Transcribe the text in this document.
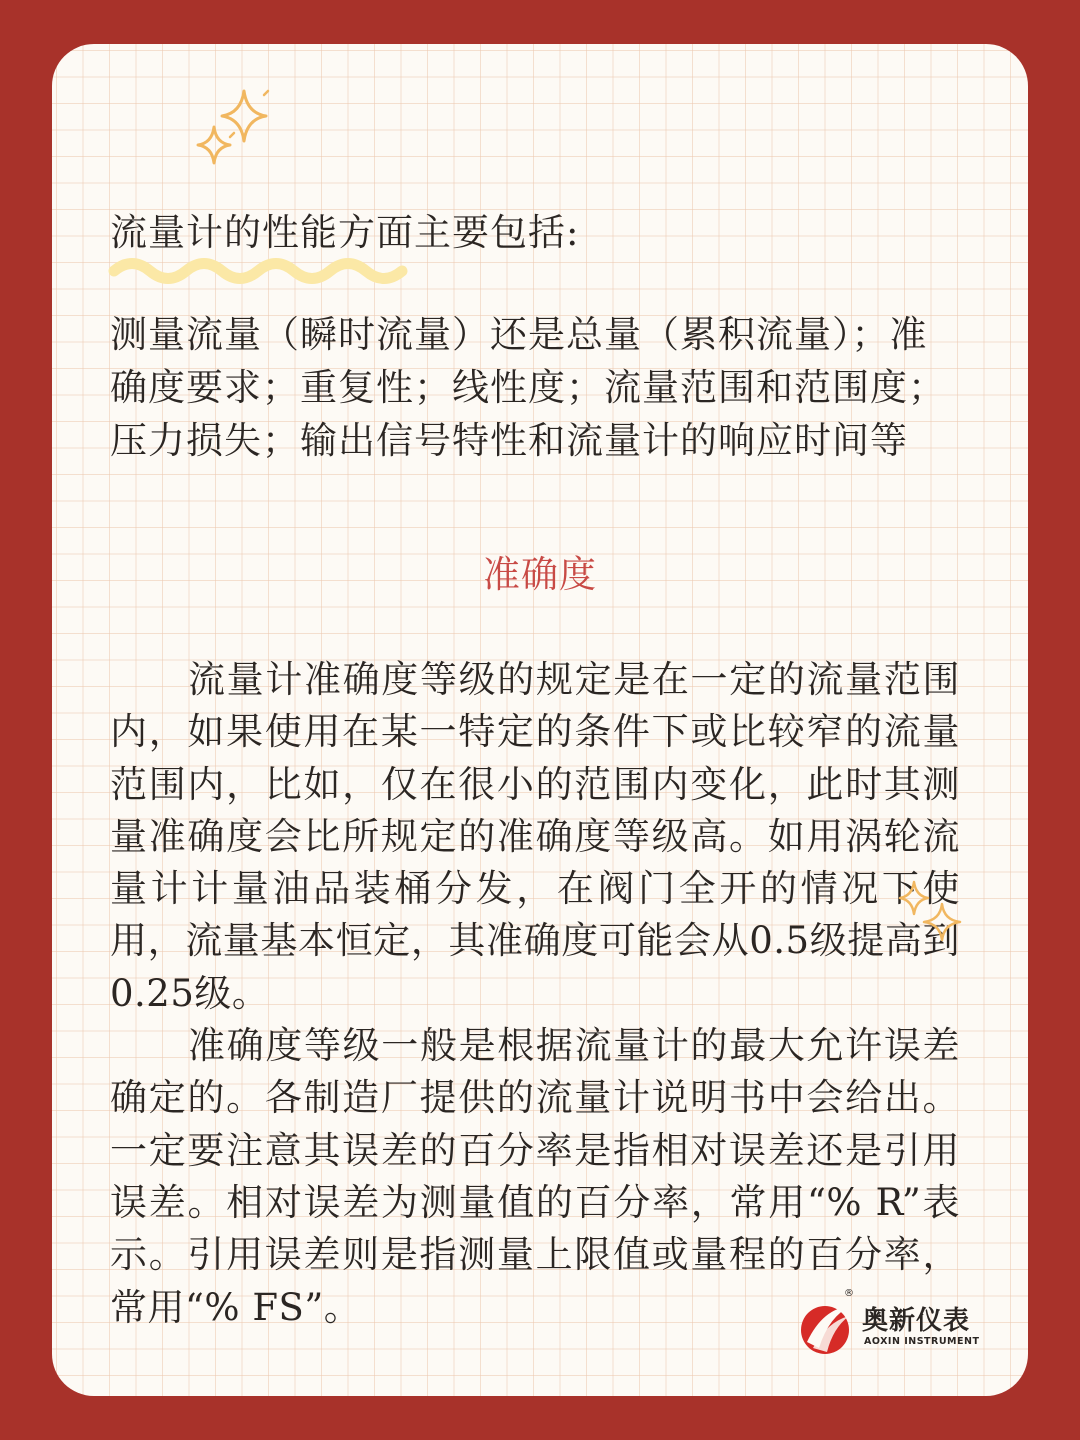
流量计的性能方面主要包括:

测量流量（瞬时流量）还是总量（累积流量）；准确度要求；重复性；线性度；流量范围和范围度；压力损失；输出信号特性和流量计的响应时间等

准确度

流量计准确度等级的规定是在一定的流量范围内，如果使用在某一特定的条件下或比较窄的流量范围内，比如，仅在很小的范围内变化，此时其测量准确度会比所规定的准确度等级高。如用涡轮流量计计量油品装桶分发，在阀门全开的情况下使用，流量基本恒定，其准确度可能会从0.5级提高到0.25级。

准确度等级一般是根据流量计的最大允许误差确定的。各制造厂提供的流量计说明书中会给出。一定要注意其误差的百分率是指相对误差还是引用误差。相对误差为测量值的百分率，常用“% R”表示。引用误差则是指测量上限值或量程的百分率，常用“% FS”。	®
奥新仪表
AOXIN INSTRUMENT
